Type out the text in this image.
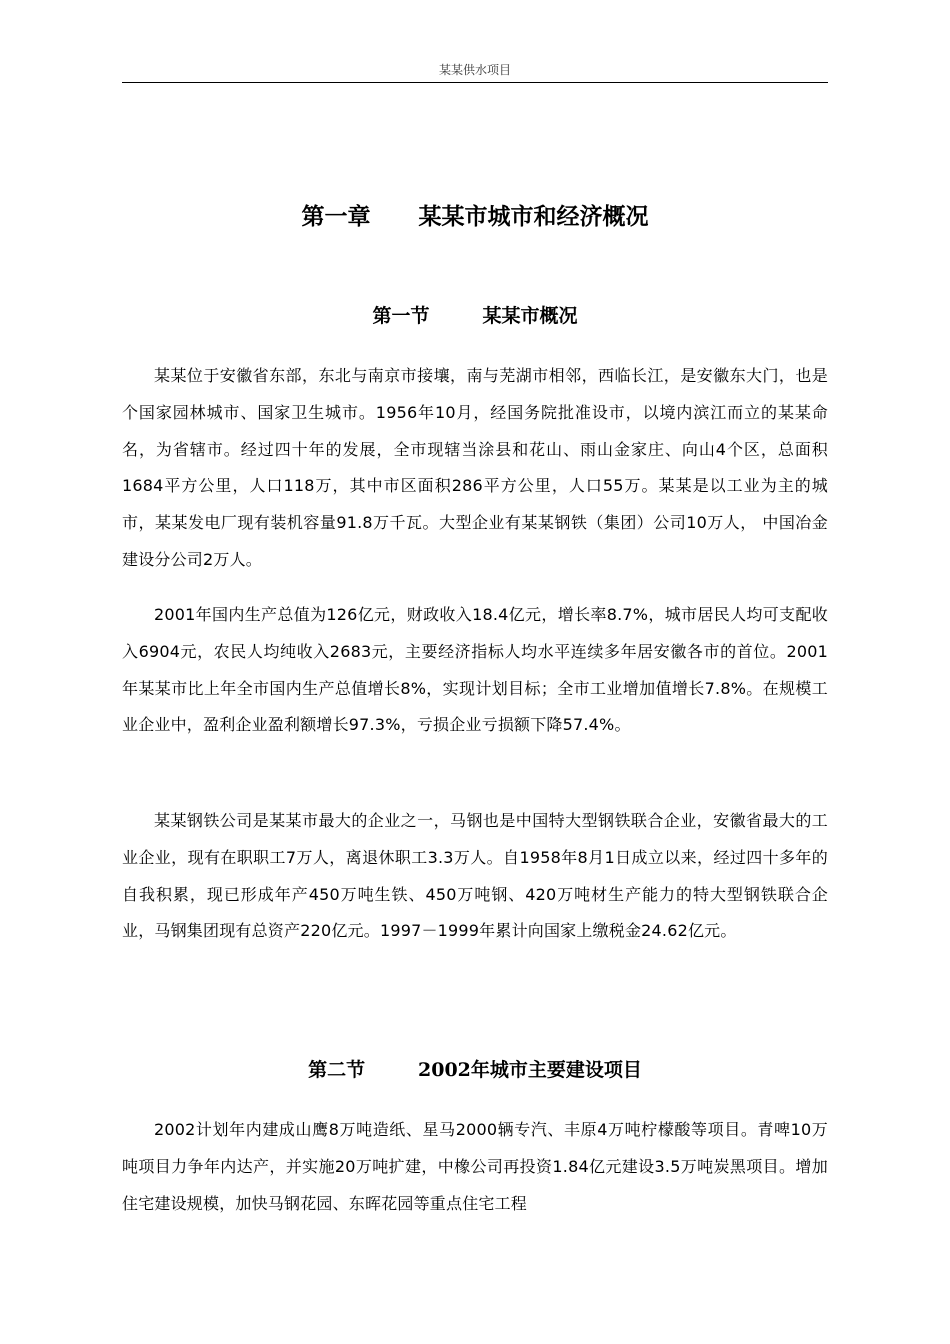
某某供水项目
第一章      某某市城市和经济概况
第一节        某某市概况
某某位于安徽省东部，东北与南京市接壤，南与芜湖市相邻，西临长江，是安徽东大门，也是个国家园林城市、国家卫生城市。1956年10月，经国务院批准设市，以境内滨江而立的某某命名，为省辖市。经过四十年的发展，全市现辖当涂县和花山、雨山金家庄、向山4个区，总面积1684平方公里，人口118万，其中市区面积286平方公里，人口55万。某某是以工业为主的城市，某某发电厂现有装机容量91.8万千瓦。大型企业有某某钢铁（集团）公司10万人， 中国冶金建设分公司2万人。
2001年国内生产总值为126亿元，财政收入18.4亿元，增长率8.7%，城市居民人均可支配收入6904元，农民人均纯收入2683元，主要经济指标人均水平连续多年居安徽各市的首位。2001年某某市比上年全市国内生产总值增长8%，实现计划目标；全市工业增加值增长7.8%。在规模工业企业中，盈利企业盈利额增长97.3%，亏损企业亏损额下降57.4%。
某某钢铁公司是某某市最大的企业之一，马钢也是中国特大型钢铁联合企业，安徽省最大的工业企业，现有在职职工7万人，离退休职工3.3万人。自1958年8月1日成立以来，经过四十多年的自我积累，现已形成年产450万吨生铁、450万吨钢、420万吨材生产能力的特大型钢铁联合企业，马钢集团现有总资产220亿元。1997－1999年累计向国家上缴税金24.62亿元。
第二节        2002年城市主要建设项目
2002计划年内建成山鹰8万吨造纸、星马2000辆专汽、丰原4万吨柠檬酸等项目。青啤10万吨项目力争年内达产，并实施20万吨扩建，中橡公司再投资1.84亿元建设3.5万吨炭黑项目。增加住宅建设规模，加快马钢花园、东晖花园等重点住宅工程
